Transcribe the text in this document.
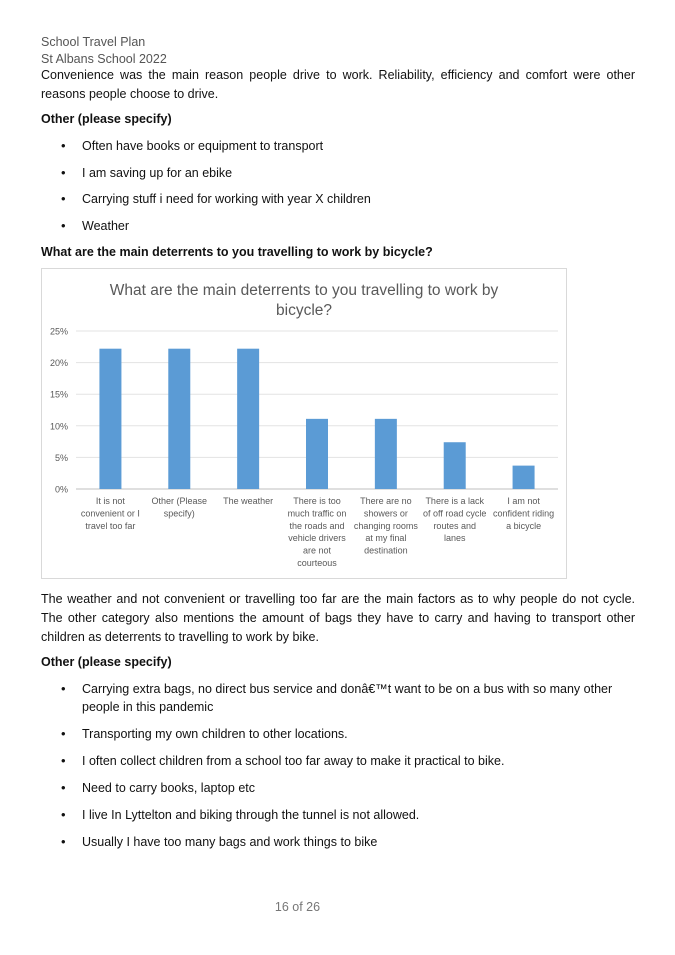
School Travel Plan
St Albans School 2022
Convenience was the main reason people drive to work. Reliability, efficiency and comfort were other reasons people choose to drive.
Other (please specify)
• Often have books or equipment to transport
• I am saving up for an ebike
• Carrying stuff i need for working with year X children
• Weather
What are the main deterrents to you travelling to work by bicycle?
What are the main deterrents to you travelling to work by bicycle?
0%
5%
10%
15%
20%
25%
It is not convenient or I travel too far
Other (Please specify)
The weather	There is too much traffic on the roads and vehicle drivers are not courteous
There are no showers or changing rooms at my final destination
There is a lack of off road cycle routes and lanes
I am not confident riding a bicycle
The weather and not convenient or travelling too far are the main factors as to why people do not cycle. The other category also mentions the amount of bags they have to carry and having to transport other children as deterrents to travelling to work by bike.
Other (please specify)
• Carrying extra bags, no direct bus service and donâ€™t want to be on a bus with so many other people in this pandemic
• Transporting my own children to other locations.
• I often collect children from a school too far away to make it practical to bike.
• Need to carry books, laptop etc
• I live In Lyttelton and biking through the tunnel is not allowed.
• Usually I have too many bags and work things to bike
16 of 26
